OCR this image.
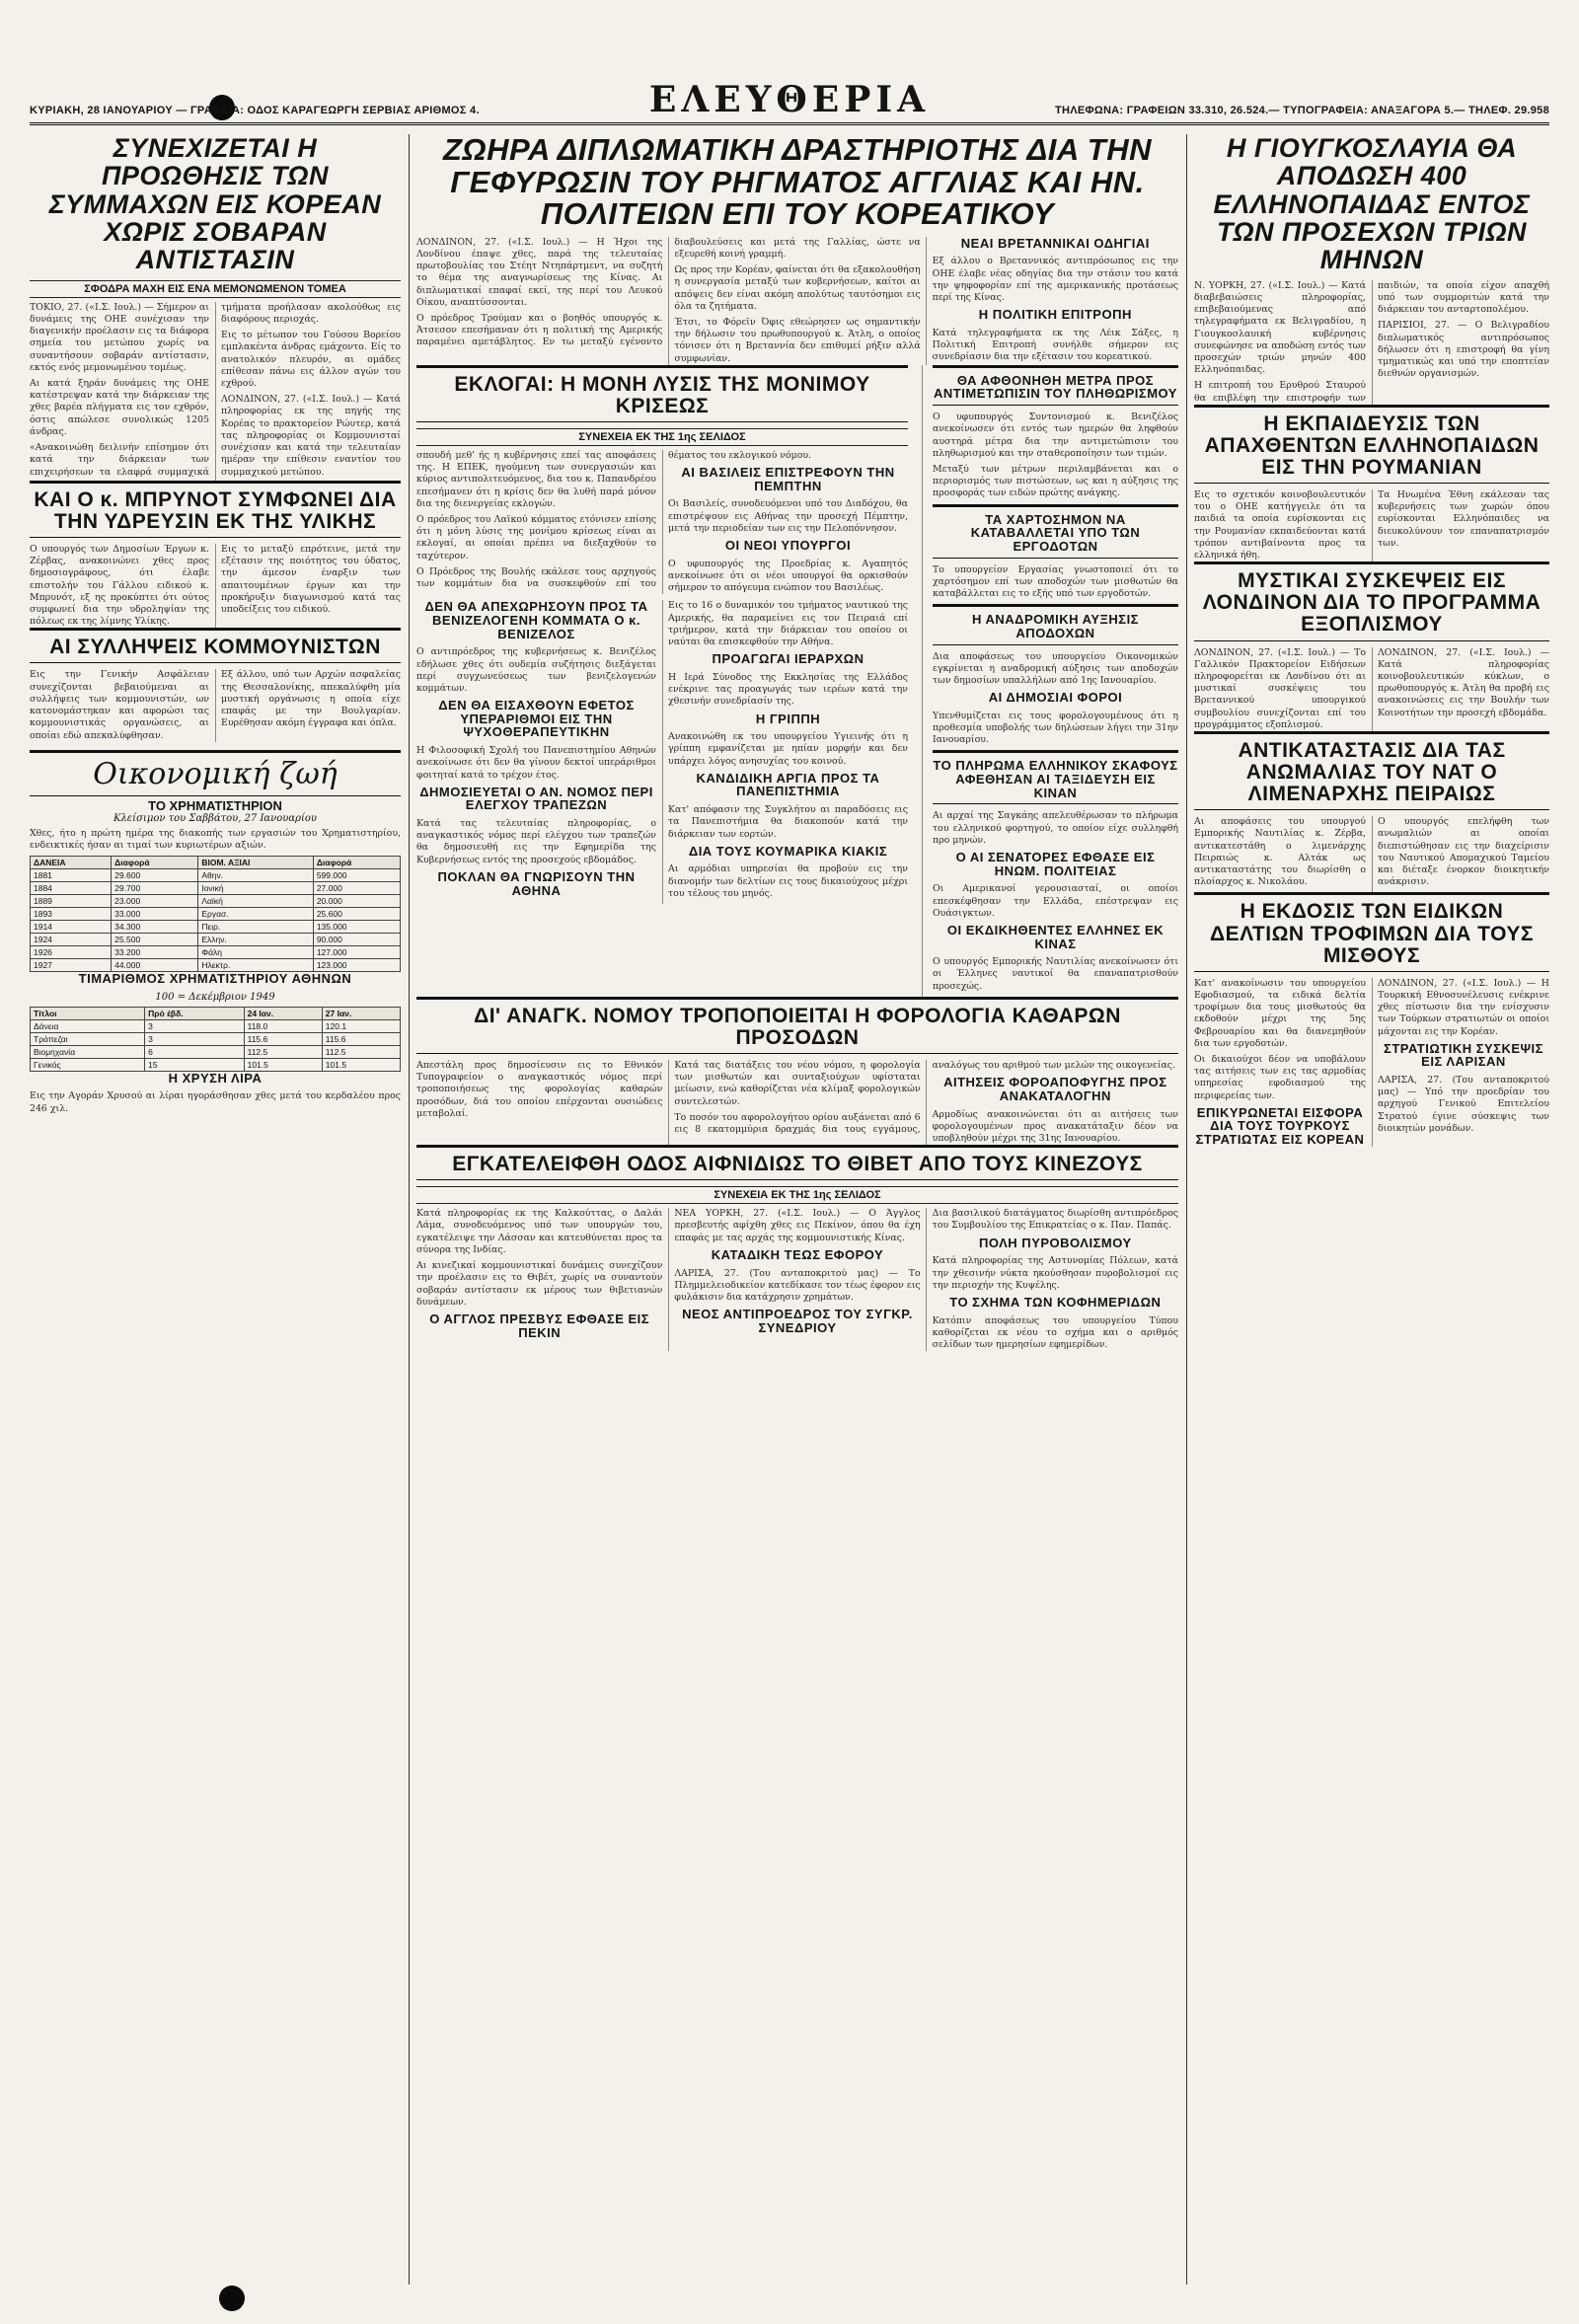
ΚΥΡΙΑΚΗ, 28 ΙΑΝΟΥΑΡΙΟΥ — ΓΡΑΦΕΙΑ: ΟΔΟΣ ΚΑΡΑΓΕΩΡΓΗ ΣΕΡΒΙΑΣ ΑΡΙΘΜΟΣ 4.	ΕΛΕΥΘΕΡΙΑ	ΤΗΛΕΦΩΝΑ: ΓΡΑΦΕΙΩΝ 33.310, 26.524.— ΤΥΠΟΓΡΑΦΕΙΑ: ΑΝΑΞΑΓΟΡΑ 5.— ΤΗΛΕΦ. 29.958
ΣΥΝΕΧΙΖΕΤΑΙ Η ΠΡΟΩΘΗΣΙΣ ΤΩΝ ΣΥΜΜΑΧΩΝ ΕΙΣ ΚΟΡΕΑΝ ΧΩΡΙΣ ΣΟΒΑΡΑΝ ΑΝΤΙΣΤΑΣΙΝ
ΣΦΟΔΡΑ ΜΑΧΗ ΕΙΣ ΕΝΑ ΜΕΜΟΝΩΜΕΝΟΝ ΤΟΜΕΑ

ΤΟΚΙΟ, 27. («Ι.Σ. Ιουλ.) — Σήμερον αι δυνάμεις της ΟΗΕ συνέχισαν την διαγενικήν προέλασιν εις τα διάφορα σημεία του μετώπου χωρίς να συναντήσουν σοβαράν αντίστασιν, εκτός ενός μεμονωμένου τομέως.

Αι κατά ξηράν δυνάμεις της ΟΗΕ κατέστρεψαν κατά την διάρκειαν της χθες βαρέα πλήγματα εις τον εχθρόν, όστις απώλεσε συνολικώς 1205 άνδρας.

«Ανακοινώθη δειλινήν επίσημον ότι κατά την διάρκειαν των επιχειρήσεων τα ελαφρά συμμαχικά τμήματα προήλασαν ακολούθως εις διαφόρους περιοχάς.

Εις το μέτωπον του Γούσου Βορείου εμπλακέντα άνδρας εμάχοντο. Είς το ανατολικόν πλευρόν, αι ομάδες επίθεσαν πάνω εις άλλον αγών του εχθρού.

ΛΟΝΔΙΝΟΝ, 27. («Ι.Σ. Ιουλ.) — Κατά πληροφορίας εκ της πηγής της Κορέας το πρακτορείον Ρώυτερ, κατά τας πληροφορίας οι Κομμουνισταί συνέχισαν και κατά την τελευταίαν ημέραν την επίθεσιν εναντίον του συμμαχικού μετώπου.

ΚΑΙ Ο κ. ΜΠΡΥΝΟΤ ΣΥΜΦΩΝΕΙ ΔΙΑ ΤΗΝ ΥΔΡΕΥΣΙΝ ΕΚ ΤΗΣ ΥΛΙΚΗΣ

Ο υπουργός των Δημοσίων Έργων κ. Ζέρβας, ανακοινώνει χθες προς δημοσιογράφους, ότι έλαβε επιστολήν του Γάλλου ειδικού κ. Μπρυνότ, εξ ης προκύπτει ότι ούτος συμφωνεί δια την υδροληψίαν της πόλεως εκ της λίμνης Υλίκης.

Εις το μεταξύ επρότεινε, μετά την εξέτασιν της ποιότητος του ύδατος, την άμεσον έναρξιν των απαιτουμένων έργων και την προκήρυξιν διαγωνισμού κατά τας υποδείξεις του ειδικού.

ΑΙ ΣΥΛΛΗΨΕΙΣ ΚΟΜΜΟΥΝΙΣΤΩΝ

Εις την Γενικήν Ασφάλειαν συνεχίζονται βεβαιούμεναι αι συλλήψεις των κομμουνιστών, ων κατονομάστηκαν και αφορώσι τας κομμουνιστικάς οργανώσεις, αι οποίαι εδώ απεκαλύφθησαν.

Εξ άλλου, υπό των Αρχών ασφαλείας της Θεσσαλονίκης, απεκαλύφθη μία μυστική οργάνωσις η οποία είχε επαφάς με την Βουλγαρίαν. Ευρέθησαν ακόμη έγγραφα και όπλα.

Οικονομική ζωή
ΤΟ ΧΡΗΜΑΤΙΣΤΗΡΙΟΝ
Κλείσιμον του Σαββάτου, 27 Ιανουαρίου

Χθες, ήτο η πρώτη ημέρα της διακοπής των εργασιών του Χρηματιστηρίου, ενδεικτικές ήσαν αι τιμαί των κυριωτέρων αξιών.

ΔΑΝΕΙΑ	Διαφορά	ΒΙΟΜ. ΑΞΙΑΙ	Διαφορά
1881	29.600	Αθην.	599.000
1884	29.700	Ιονική	27.000
1889	23.000	Λαϊκή	20.000
1893	33.000	Εργασ.	25.600
1914	34.300	Πειρ.	135.000
1924	25.500	Ελλην.	90.000
1926	33.200	Φάλη	127.000
1927	44.000	Ηλεκτρ.	123.000
ΤΙΜΑΡΙΘΜΟΣ ΧΡΗΜΑΤΙΣΤΗΡΙΟΥ ΑΘΗΝΩΝ
100 = Δεκέμβριον 1949
Τίτλοι	Πρό έβδ.	24 Ιαν.	27 Ιαν.
Δάνεια	3	118.0	120.1
Τράπεζαι	3	115.6	115.6
Βιομηχανία	6	112.5	112.5
Γενικός	15	101.5	101.5
Η ΧΡΥΣΗ ΛΙΡΑ

Εις την Αγοράν Χρυσού αι λίραι ηγοράσθησαν χθες μετά του κερδαλέου προς 246 χιλ.

ΖΩΗΡΑ ΔΙΠΛΩΜΑΤΙΚΗ ΔΡΑΣΤΗΡΙΟΤΗΣ ΔΙΑ ΤΗΝ ΓΕΦΥΡΩΣΙΝ ΤΟΥ ΡΗΓΜΑΤΟΣ ΑΓΓΛΙΑΣ ΚΑΙ ΗΝ. ΠΟΛΙΤΕΙΩΝ ΕΠΙ ΤΟΥ ΚΟΡΕΑΤΙΚΟΥ

ΛΟΝΔΙΝΟΝ, 27. («Ι.Σ. Ιουλ.) — Η Ήχοι της Λονδίνου έπαψε χθες, παρά της τελευταίας πρωτοβουλίας του Στέητ Ντηπάρτμεντ, να συζητή το θέμα της αναγνωρίσεως της Κίνας. Αι διπλωματικαί επαφαί εκεί, της περί του Λευκού Οίκου, αναπτύσσονται.

Ο πρόεδρος Τρούμαν και ο βοηθός υπουργός κ. Άτσεσον επεσήμαναν ότι η πολιτική της Αμερικής παραμένει αμετάβλητος. Εν τω μεταξύ εγένοντο διαβουλεύσεις και μετά της Γαλλίας, ώστε να εξευρεθή κοινή γραμμή.

Ως προς την Κορέαν, φαίνεται ότι θα εξακολουθήση η συνεργασία μεταξύ των κυβερνήσεων, καίτοι αι απόψεις δεν είναι ακόμη απολύτως ταυτόσημοι εις όλα τα ζητήματα.

Έτσι, το Φόρεϊν Όφις εθεώρησεν ως σημαντικήν την δήλωσιν του πρωθυπουργού κ. Άτλη, ο οποίος τόνισεν ότι η Βρεταννία δεν επιθυμεί ρήξιν αλλά συμφωνίαν.

ΝΕΑΙ ΒΡΕΤΑΝΝΙΚΑΙ ΟΔΗΓΙΑΙ

Εξ άλλου ο Βρεταννικός αντιπρόσωπος εις την ΟΗΕ έλαβε νέας οδηγίας δια την στάσιν του κατά την ψηφοφορίαν επί της αμερικανικής προτάσεως περί της Κίνας.

Η ΠΟΛΙΤΙΚΗ ΕΠΙΤΡΟΠΗ

Κατά τηλεγραφήματα εκ της Λέικ Σάξες, η Πολιτική Επιτροπή συνήλθε σήμερον εις συνεδρίασιν δια την εξέτασιν του κορεατικού.

ΕΚΛΟΓΑΙ: Η ΜΟΝΗ ΛΥΣΙΣ ΤΗΣ ΜΟΝΙΜΟΥ ΚΡΙΣΕΩΣ
ΣΥΝΕΧΕΙΑ ΕΚ ΤΗΣ 1ης ΣΕΛΙΔΟΣ

σπουδή μεθ' ής η κυβέρνησις επεί τας αποφάσεις της. Η ΕΠΕΚ, ηγούμενη των συνεργασιών και κύριος αντιπολιτευόμενος, δια του κ. Παπανδρέου επεσήμανεν ότι η κρίσις δεν θα λυθή παρά μόνον δια της διενεργείας εκλογών.

Ο πρόεδρος του Λαϊκού κόμματος ετόνισεν επίσης ότι η μόνη λύσις της μονίμου κρίσεως είναι αι εκλογαί, αι οποίαι πρέπει να διεξαχθούν το ταχύτερον.

Ο Πρόεδρος της Βουλής εκάλεσε τους αρχηγούς των κομμάτων δια να συσκεφθούν επί του θέματος του εκλογικού νόμου.

ΑΙ ΒΑΣΙΛΕΙΣ ΕΠΙΣΤΡΕΦΟΥΝ ΤΗΝ ΠΕΜΠΤΗΝ

Οι Βασιλείς, συνοδευόμενοι υπό του Διαδόχου, θα επιστρέψουν εις Αθήνας την προσεχή Πέμπτην, μετά την περιοδείαν των εις την Πελοπόννησον.

ΟΙ ΝΕΟΙ ΥΠΟΥΡΓΟΙ

Ο υφυπουργός της Προεδρίας κ. Αγαπητός ανεκοίνωσε ότι οι νέοι υπουργοί θα ορκισθούν σήμερον το απόγευμα ενώπιον του Βασιλέως.

ΔΕΝ ΘΑ ΑΠΕΧΩΡΗΣΟΥΝ ΠΡΟΣ ΤΑ ΒΕΝΙΖΕΛΟΓΕΝΗ ΚΟΜΜΑΤΑ Ο κ. ΒΕΝΙΖΕΛΟΣ

Ο αντιπρόεδρος της κυβερνήσεως κ. Βενιζέλος εδήλωσε χθες ότι ουδεμία συζήτησις διεξάγεται περί συγχωνεύσεως των βενιζελογενών κομμάτων.

ΔΕΝ ΘΑ ΕΙΣΑΧΘΟΥΝ ΕΦΕΤΟΣ ΥΠΕΡΑΡΙΘΜΟΙ ΕΙΣ ΤΗΝ ΨΥΧΟΘΕΡΑΠΕΥΤΙΚΗΝ

Η Φιλοσοφική Σχολή του Πανεπιστημίου Αθηνών ανεκοίνωσε ότι δεν θα γίνουν δεκτοί υπεράριθμοι φοιτηταί κατά το τρέχον έτος.

ΔΗΜΟΣΙΕΥΕΤΑΙ Ο ΑΝ. ΝΟΜΟΣ ΠΕΡΙ ΕΛΕΓΧΟΥ ΤΡΑΠΕΖΩΝ

Κατά τας τελευταίας πληροφορίας, ο αναγκαστικός νόμος περί ελέγχου των τραπεζών θα δημοσιευθή εις την Εφημερίδα της Κυβερνήσεως εντός της προσεχούς εβδομάδος.

ΠΟΚΛΑΝ ΘΑ ΓΝΩΡΙΣΟΥΝ ΤΗΝ ΑΘΗΝΑ

Εις το 16 ο δυναμικόν του τμήματος ναυτικού της Αμερικής, θα παραμείνει εις τον Πειραιά επί τριήμερον, κατά την διάρκειαν του οποίου οι ναύται θα επισκεφθούν την Αθήνα.

ΠΡΟΑΓΩΓΑΙ ΙΕΡΑΡΧΩΝ

Η Ιερά Σύνοδος της Εκκλησίας της Ελλάδος ενέκρινε τας προαγωγάς των ιερέων κατά την χθεσινήν συνεδρίασίν της.

Η ΓΡΙΠΠΗ

Ανακοινώθη εκ του υπουργείου Υγιεινής ότι η γρίππη εμφανίζεται με ηπίαν μορφήν και δεν υπάρχει λόγος ανησυχίας του κοινού.

ΚΑΝΔΙΔΙΚΗ ΑΡΓΙΑ ΠΡΟΣ ΤΑ ΠΑΝΕΠΙΣΤΗΜΙΑ

Κατ' απόφασιν της Συγκλήτου αι παραδόσεις εις τα Πανεπιστήμια θα διακοπούν κατά την διάρκειαν των εορτών.

ΔΙΑ ΤΟΥΣ ΚΟΥΜΑΡΙΚΑ ΚΙΑΚΙΣ

Αι αρμόδιαι υπηρεσίαι θα προβούν εις την διανομήν των δελτίων εις τους δικαιούχους μέχρι του τέλους του μηνός.

ΘΑ ΑΦΘΟΝΗΘΗ ΜΕΤΡΑ ΠΡΟΣ ΑΝΤΙΜΕΤΩΠΙΣΙΝ ΤΟΥ ΠΛΗΘΩΡΙΣΜΟΥ

Ο υφυπουργός Συντονισμού κ. Βενιζέλος ανεκοίνωσεν ότι εντός των ημερών θα ληφθούν αυστηρά μέτρα δια την αντιμετώπισιν του πληθωρισμού και την σταθεροποίησιν των τιμών.

Μεταξύ των μέτρων περιλαμβάνεται και ο περιορισμός των πιστώσεων, ως και η αύξησις της προσφοράς των ειδών πρώτης ανάγκης.

ΤΑ ΧΑΡΤΟΣΗΜΟΝ ΝΑ ΚΑΤΑΒΑΛΛΕΤΑΙ ΥΠΟ ΤΩΝ ΕΡΓΟΔΟΤΩΝ

Το υπουργείον Εργασίας γνωστοποιεί ότι το χαρτόσημον επί των αποδοχών των μισθωτών θα καταβάλλεται εις το εξής υπό των εργοδοτών.

Η ΑΝΑΔΡΟΜΙΚΗ ΑΥΞΗΣΙΣ ΑΠΟΔΟΧΩΝ

Δια αποφάσεως του υπουργείου Οικονομικών εγκρίνεται η αναδρομική αύξησις των αποδοχών των δημοσίων υπαλλήλων από 1ης Ιανουαρίου.

ΑΙ ΔΗΜΟΣΙΑΙ ΦΟΡΟΙ

Υπενθυμίζεται εις τους φορολογουμένους ότι η προθεσμία υποβολής των δηλώσεων λήγει την 31ην Ιανουαρίου.

ΤΟ ΠΛΗΡΩΜΑ ΕΛΛΗΝΙΚΟΥ ΣΚΑΦΟΥΣ ΑΦΕΘΗΣΑΝ ΑΙ ΤΑΞΙΔΕΥΣΗ ΕΙΣ ΚΙΝΑΝ

Αι αρχαί της Σαγκάης απελευθέρωσαν το πλήρωμα του ελληνικού φορτηγού, το οποίον είχε συλληφθή προ μηνών.

Ο ΑΙ ΣΕΝΑΤΟΡΕΣ ΕΦΘΑΣΕ ΕΙΣ ΗΝΩΜ. ΠΟΛΙΤΕΙΑΣ

Οι Αμερικανοί γερουσιασταί, οι οποίοι επεσκέφθησαν την Ελλάδα, επέστρεψαν εις Ουάσιγκτων.

ΟΙ ΕΚΔΙΚΗΘΕΝΤΕΣ ΕΛΛΗΝΕΣ ΕΚ ΚΙΝΑΣ

Ο υπουργός Εμπορικής Ναυτιλίας ανεκοίνωσεν ότι οι Έλληνες ναυτικοί θα επαναπατρισθούν προσεχώς.

ΔΙ' ΑΝΑΓΚ. ΝΟΜΟΥ ΤΡΟΠΟΠΟΙΕΙΤΑΙ Η ΦΟΡΟΛΟΓΙΑ ΚΑΘΑΡΩΝ ΠΡΟΣΟΔΩΝ

Απεστάλη προς δημοσίευσιν εις το Εθνικόν Τυπογραφείον ο αναγκαστικός νόμος περί τροποποιήσεως της φορολογίας καθαρών προσόδων, διά του οποίου επέρχονται ουσιώδεις μεταβολαί.

Κατά τας διατάξεις του νέου νόμου, η φορολογία των μισθωτών και συνταξιούχων υφίσταται μείωσιν, ενώ καθορίζεται νέα κλίμαξ φορολογικών συντελεστών.

Το ποσόν του αφορολογήτου ορίου αυξάνεται από 6 εις 8 εκατομμύρια δραχμάς δια τους εγγάμους, αναλόγως του αριθμού των μελών της οικογενείας.

ΑΙΤΗΣΕΙΣ ΦΟΡΟΑΠΟΦΥΓΗΣ ΠΡΟΣ ΑΝΑΚΑΤΑΛΟΓΗΝ

Αρμοδίως ανακοινώνεται ότι αι αιτήσεις των φορολογουμένων προς ανακατάταξιν δέον να υποβληθούν μέχρι της 31ης Ιανουαρίου.

ΕΓΚΑΤΕΛΕΙΦΘΗ ΟΔΟΣ ΑΙΦΝΙΔΙΩΣ ΤΟ ΘΙΒΕΤ ΑΠΟ ΤΟΥΣ ΚΙΝΕΖΟΥΣ
ΣΥΝΕΧΕΙΑ ΕΚ ΤΗΣ 1ης ΣΕΛΙΔΟΣ

Κατά πληροφορίας εκ της Καλκούττας, ο Δαλάι Λάμα, συνοδευόμενος υπό των υπουργών του, εγκατέλειψε την Λάσσαν και κατευθύνεται προς τα σύνορα της Ινδίας.

Αι κινεζικαί κομμουνιστικαί δυνάμεις συνεχίζουν την προέλασιν εις το Θιβέτ, χωρίς να συναντούν σοβαράν αντίστασιν εκ μέρους των θιβετιανών δυνάμεων.

Ο ΑΓΓΛΟΣ ΠΡΕΣΒΥΣ ΕΦΘΑΣΕ ΕΙΣ ΠΕΚΙΝ

ΝΕΑ ΥΟΡΚΗ, 27. («Ι.Σ. Ιουλ.) — Ο Άγγλος πρεσβευτής αφίχθη χθες εις Πεκίνον, όπου θα έχη επαφάς με τας αρχάς της κομμουνιστικής Κίνας.

ΚΑΤΑΔΙΚΗ ΤΕΩΣ ΕΦΟΡΟΥ

ΛΑΡΙΣΑ, 27. (Του ανταποκριτού μας) — Το Πλημμελειοδικείον κατεδίκασε τον τέως έφορον εις φυλάκισιν δια κατάχρησιν χρημάτων.

ΝΕΟΣ ΑΝΤΙΠΡΟΕΔΡΟΣ ΤΟΥ ΣΥΓΚΡ. ΣΥΝΕΔΡΙΟΥ

Δια βασιλικού διατάγματος διωρίσθη αντιπρόεδρος του Συμβουλίου της Επικρατείας ο κ. Παν. Παπάς.

ΠΟΛΗ ΠΥΡΟΒΟΛΙΣΜΟΥ

Κατά πληροφορίας της Αστυνομίας Πόλεων, κατά την χθεσινήν νύκτα ηκούσθησαν πυροβολισμοί εις την περιοχήν της Κυψέλης.

ΤΟ ΣΧΗΜΑ ΤΩΝ ΚΟΦΗΜΕΡΙΔΩΝ

Κατόπιν αποφάσεως του υπουργείου Τύπου καθορίζεται εκ νέου το σχήμα και ο αριθμός σελίδων των ημερησίων εφημερίδων.

Η ΓΙΟΥΓΚΟΣΛΑΥΙΑ ΘΑ ΑΠΟΔΩΣΗ 400 ΕΛΛΗΝΟΠΑΙΔΑΣ ΕΝΤΟΣ ΤΩΝ ΠΡΟΣΕΧΩΝ ΤΡΙΩΝ ΜΗΝΩΝ

Ν. ΥΟΡΚΗ, 27. («Ι.Σ. Ιουλ.) — Κατά διαβεβαιώσεις πληροφορίας, επιβεβαιούμενας από τηλεγραφήματα εκ Βελιγραδίου, η Γιουγκοσλαυική κυβέρνησις συνεφώνησε να αποδώση εντός των προσεχών τριών μηνών 400 Ελληνόπαιδας.

Η επιτροπή του Ερυθρού Σταυρού θα επιβλέψη την επιστροφήν των παιδιών, τα οποία είχον απαχθή υπό των συμμοριτών κατά την διάρκειαν του ανταρτοπολέμου.

ΠΑΡΙΣΙΟΙ, 27. — Ο Βελιγραδίου διπλωματικός αντιπρόσωπος δήλωσεν ότι η επιστροφή θα γίνη τμηματικώς και υπό την εποπτείαν διεθνών οργανισμών.

Η ΕΚΠΑΙΔΕΥΣΙΣ ΤΩΝ ΑΠΑΧΘΕΝΤΩΝ ΕΛΛΗΝΟΠΑΙΔΩΝ ΕΙΣ ΤΗΝ ΡΟΥΜΑΝΙΑΝ

Εις το σχετικόν κοινοβουλευτικόν του ο ΟΗΕ κατήγγειλε ότι τα παιδιά τα οποία ευρίσκονται εις την Ρουμανίαν εκπαιδεύονται κατά τρόπον αντιβαίνοντα προς τα ελληνικά ήθη.

Τα Ηνωμένα Έθνη εκάλεσαν τας κυβερνήσεις των χωρών όπου ευρίσκονται Ελληνόπαιδες να διευκολύνουν τον επαναπατρισμόν των.

ΜΥΣΤΙΚΑΙ ΣΥΣΚΕΨΕΙΣ ΕΙΣ ΛΟΝΔΙΝΟΝ ΔΙΑ ΤΟ ΠΡΟΓΡΑΜΜΑ ΕΞΟΠΛΙΣΜΟΥ

ΛΟΝΔΙΝΟΝ, 27. («Ι.Σ. Ιουλ.) — Το Γαλλικόν Πρακτορείον Ειδήσεων πληροφορείται εκ Λονδίνου ότι αι μυστικαί συσκέψεις του Βρεταννικού υπουργικού συμβουλίου συνεχίζονται επί του προγράμματος εξοπλισμού.

ΛΟΝΔΙΝΟΝ, 27. («Ι.Σ. Ιουλ.) — Κατά πληροφορίας κοινοβουλευτικών κύκλων, ο πρωθυπουργός κ. Άτλη θα προβή εις ανακοινώσεις εις την Βουλήν των Κοινοτήτων την προσεχή εβδομάδα.

ΑΝΤΙΚΑΤΑΣΤΑΣΙΣ ΔΙΑ ΤΑΣ ΑΝΩΜΑΛΙΑΣ ΤΟΥ ΝΑΤ Ο ΛΙΜΕΝΑΡΧΗΣ ΠΕΙΡΑΙΩΣ

Αι αποφάσεις του υπουργού Εμπορικής Ναυτιλίας κ. Ζέρβα, αντικατεστάθη ο λιμενάρχης Πειραιώς κ. Αλτάκ ως αντικαταστάτης του διωρίσθη ο πλοίαρχος κ. Νικολάου.

Ο υπουργός επελήφθη των ανωμαλιών αι οποίαι διεπιστώθησαν εις την διαχείρισιν του Ναυτικού Απομαχικού Ταμείου και διέταξε ένορκον διοικητικήν ανάκρισιν.

Η ΕΚΔΟΣΙΣ ΤΩΝ ΕΙΔΙΚΩΝ ΔΕΛΤΙΩΝ ΤΡΟΦΙΜΩΝ ΔΙΑ ΤΟΥΣ ΜΙΣΘΟΥΣ

Κατ' ανακοίνωσιν του υπουργείου Εφοδιασμού, τα ειδικά δελτία τροφίμων δια τους μισθωτούς θα εκδοθούν μέχρι της 5ης Φεβρουαρίου και θα διανεμηθούν δια των εργοδοτών.

Οι δικαιούχοι δέον να υποβάλουν τας αιτήσεις των εις τας αρμοδίας υπηρεσίας εφοδιασμού της περιφερείας των.

ΕΠΙΚΥΡΩΝΕΤΑΙ ΕΙΣΦΟΡΑ ΔΙΑ ΤΟΥΣ ΤΟΥΡΚΟΥΣ ΣΤΡΑΤΙΩΤΑΣ ΕΙΣ ΚΟΡΕΑΝ

ΛΟΝΔΙΝΟΝ, 27. («Ι.Σ. Ιουλ.) — Η Τουρκική Εθνοσυνέλευσις ενέκρινε χθες πίστωσιν δια την ενίσχυσιν των Τούρκων στρατιωτών οι οποίοι μάχονται εις την Κορέαν.

ΣΤΡΑΤΙΩΤΙΚΗ ΣΥΣΚΕΨΙΣ ΕΙΣ ΛΑΡΙΣΑΝ

ΛΑΡΙΣΑ, 27. (Του ανταποκριτού μας) — Υπό την προεδρίαν του αρχηγού Γενικού Επιτελείου Στρατού έγινε σύσκεψις των διοικητών μονάδων.
